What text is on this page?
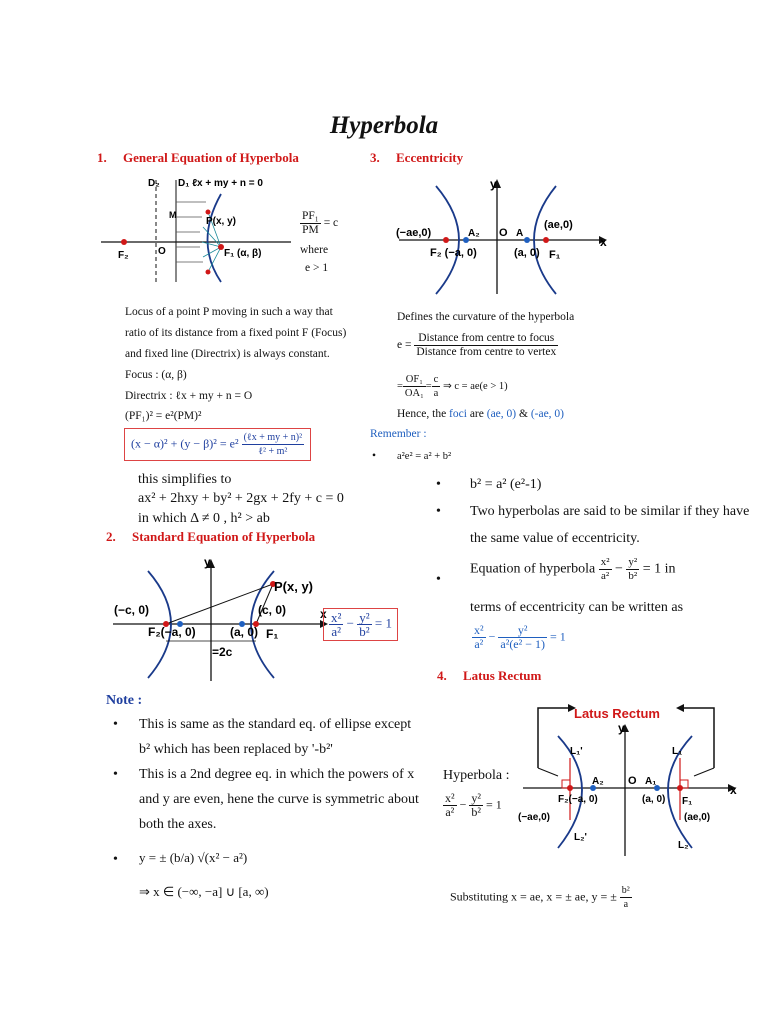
Hyperbola
1. General Equation of Hyperbola
D₂ D₁ ℓx + my + n = 0
M
P(x, y)
F₂	O	F₁ (α, β)
$\frac{\text{PF₁}}{PM} = c$
where
e > 1
Locus of a point P moving in such a way that
ratio of its distance from a fixed point F (Focus)
and fixed line (Directrix) is always constant.
Focus : (α, β)
Directrix : ℓx + my + n = O
(PF₁)² = e²(PM)²
$(x - \alpha)^2 + (y - \beta)^2 = e^2 \frac{\text{(ℓx + my + n)²}}{\text{ℓ² + m²}}$
this simplifies to
ax² + 2hxy + by² + 2gx + 2fy + c = 0
in which Δ ≠ 0 , h² > ab
2. Standard Equation of Hyperbola
y
P(x, y)
(−c, 0)	(c, 0)	x
F₂(−a, 0)	(a, 0) F₁
=2c
$\frac{\text{x²}}{\text{a²}} - \frac{\text{y²}}{\text{b²}} = 1$
Note :
• This is same as the standard eq. of ellipse except
b² which has been replaced by '-b²'
• This is a 2nd degree eq. in which the powers of x
and y are even, hene the curve is symmetric about
both the axes.
• y = ± (b/a) √(x² − a²)
⇒ x ∈ (−∞, −a] ∪ [a, ∞)
3. Eccentricity
y
(−ae,0)	A₂ O A
(ae,0)
x
F₂ (−a, 0)	(a, 0) F₁
Defines the curvature of the hyperbola
$e = \frac{\text{Distance from centre to focus}}{\text{Distance from centre to vertex}}$
= $\frac{\text{OF₁}}{\text{OA₁}} = \frac{c}{a}$ ⇒ c = ae(e > 1)
Hence, the foci are (ae, 0) & (-ae, 0)
Remember :
• a²e² = a² + b²
• b² = a² (e²-1)
• Two hyperbolas are said to be similar if they have
the same value of eccentricity.
•
Equation of hyperbola $\frac{\text{x²}}{\text{a²}} - \frac{\text{y²}}{\text{b²}} = 1$ in
terms of eccentricity can be written as
$\frac{\text{x²}}{\text{a²}} - \frac{\text{y²}}{\text{a²(e² − 1)}} = 1$
4. Latus Rectum
Latus Rectum
y
L₁'	L₁
A₂ O A₁
x
F₂(−a, 0)	(a, 0) F₁
(−ae,0)	(ae,0)
L₂'
L₂
Hyperbola :
$\frac{\text{x²}}{\text{a²}} - \frac{\text{y²}}{\text{b²}} = 1$
Substituting x = ae, x = ± ae, y = ± $\frac{\text{b²}}{a}$
